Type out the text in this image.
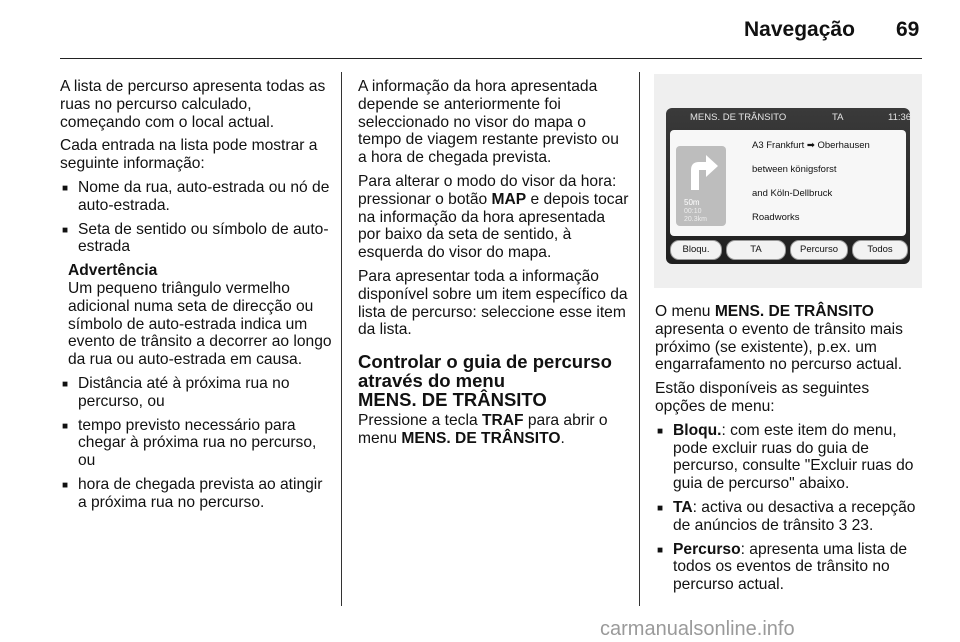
Navegação 69

A lista de percurso apresenta todas as ruas no percurso calculado, começando com o local actual.

Cada entrada na lista pode mostrar a seguinte informação:

■ Nome da rua, auto-estrada ou nó de auto-estrada.
■ Seta de sentido ou símbolo de auto-estrada
Advertência
Um pequeno triângulo vermelho adicional numa seta de direcção ou símbolo de auto-estrada indica um evento de trânsito a decorrer ao longo da rua ou auto-estrada em causa.
■ Distância até à próxima rua no percurso, ou
■ tempo previsto necessário para chegar à próxima rua no percurso, ou
■ hora de chegada prevista ao atingir a próxima rua no percurso.

A informação da hora apresentada depende se anteriormente foi seleccionado no visor do mapa o tempo de viagem restante previsto ou a hora de chegada prevista.

Para alterar o modo do visor da hora: pressionar o botão MAP e depois tocar na informação da hora apresentada por baixo da seta de sentido, à esquerda do visor do mapa.

Para apresentar toda a informação disponível sobre um item específico da lista de percurso: seleccione esse item da lista.

Controlar o guia de percurso através do menu
MENS. DE TRÂNSITO

Pressione a tecla TRAF para abrir o menu MENS. DE TRÂNSITO.

MENS. DE TRÂNSITO	TA	11:36
50m
00:10
20.3km
A3 Frankfurt ➡ Oberhausen
between königsforst
and Köln-Dellbruck
Roadworks
Bloqu.	TA	Percurso	Todos

O menu MENS. DE TRÂNSITO apresenta o evento de trânsito mais próximo (se existente), p.ex. um engarrafamento no percurso actual.

Estão disponíveis as seguintes opções de menu:

■ Bloqu.: com este item do menu, pode excluir ruas do guia de percurso, consulte "Excluir ruas do guia de percurso" abaixo.
■ TA: activa ou desactiva a recepção de anúncios de trânsito 3 23.
■ Percurso: apresenta uma lista de todos os eventos de trânsito no percurso actual.
carmanualsonline.info
